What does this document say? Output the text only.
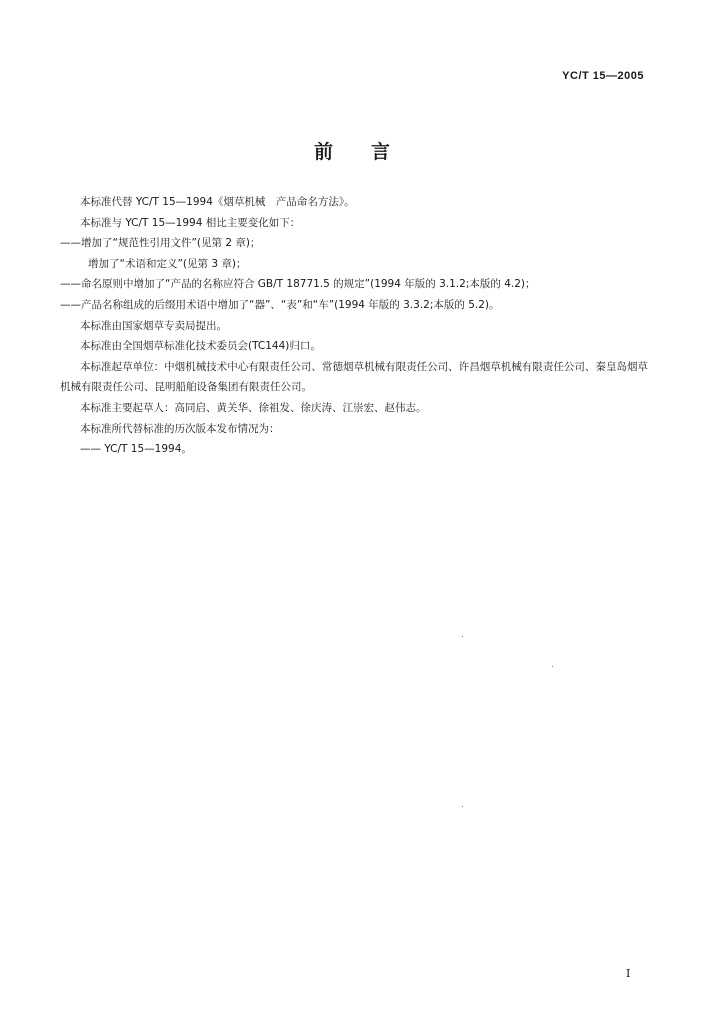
YC/T 15—2005
前言
本标准代替 YC/T 15—1994《烟草机械　产品命名方法》。
本标准与 YC/T 15—1994 相比主要变化如下：
——增加了“规范性引用文件”(见第 2 章)；
增加了“术语和定义”(见第 3 章)；
——命名原则中增加了“产品的名称应符合 GB/T 18771.5 的规定”(1994 年版的 3.1.2;本版的 4.2)；
——产品名称组成的后缀用术语中增加了“器”、“表”和“车”(1994 年版的 3.3.2;本版的 5.2)。
本标准由国家烟草专卖局提出。
本标准由全国烟草标准化技术委员会(TC144)归口。
本标准起草单位：中烟机械技术中心有限责任公司、常德烟草机械有限责任公司、许昌烟草机械有限责任公司、秦皇岛烟草机械有限责任公司、昆明船舶设备集团有限责任公司。
本标准主要起草人：高同启、黄关华、徐祖发、徐庆涛、江崇宏、赵伟志。
本标准所代替标准的历次版本发布情况为：
—— YC/T 15—1994。
I
